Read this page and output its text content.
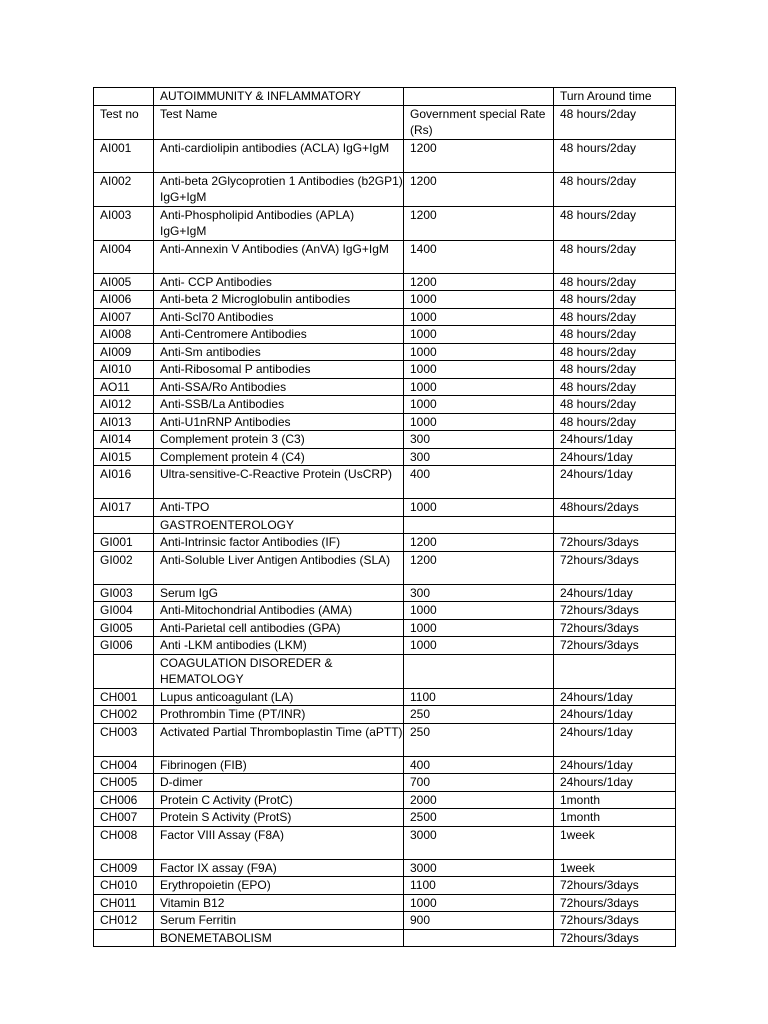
	AUTOIMMUNITY & INFLAMMATORY		Turn Around time
Test no	Test Name	Government special Rate (Rs)	48 hours/2day
AI001	Anti-cardiolipin antibodies (ACLA) IgG+IgM	1200	48 hours/2day
AI002	Anti-beta 2Glycoprotien 1 Antibodies (b2GP1) IgG+IgM	1200	48 hours/2day
AI003	Anti-Phospholipid Antibodies (APLA) IgG+IgM	1200	48 hours/2day
AI004	Anti-Annexin V Antibodies (AnVA) IgG+IgM	1400	48 hours/2day
AI005	Anti- CCP Antibodies	1200	48 hours/2day
AI006	Anti-beta 2 Microglobulin antibodies	1000	48 hours/2day
AI007	Anti-Scl70 Antibodies	1000	48 hours/2day
AI008	Anti-Centromere Antibodies	1000	48 hours/2day
AI009	Anti-Sm antibodies	1000	48 hours/2day
AI010	Anti-Ribosomal P antibodies	1000	48 hours/2day
AO11	Anti-SSA/Ro Antibodies	1000	48 hours/2day
AI012	Anti-SSB/La Antibodies	1000	48 hours/2day
AI013	Anti-U1nRNP Antibodies	1000	48 hours/2day
AI014	Complement protein 3 (C3)	300	24hours/1day
AI015	Complement protein 4 (C4)	300	24hours/1day
AI016	Ultra-sensitive-C-Reactive Protein (UsCRP)	400	24hours/1day
AI017	Anti-TPO	1000	48hours/2days
	GASTROENTEROLOGY		
GI001	Anti-Intrinsic factor Antibodies (IF)	1200	72hours/3days
GI002	Anti-Soluble Liver Antigen Antibodies (SLA)	1200	72hours/3days
GI003	Serum IgG	300	24hours/1day
GI004	Anti-Mitochondrial Antibodies (AMA)	1000	72hours/3days
GI005	Anti-Parietal cell antibodies (GPA)	1000	72hours/3days
GI006	Anti -LKM antibodies (LKM)	1000	72hours/3days
	COAGULATION DISOREDER & HEMATOLOGY		
CH001	Lupus anticoagulant (LA)	1100	24hours/1day
CH002	Prothrombin Time (PT/INR)	250	24hours/1day
CH003	Activated Partial Thromboplastin Time (aPTT)	250	24hours/1day
CH004	Fibrinogen (FIB)	400	24hours/1day
CH005	D-dimer	700	24hours/1day
CH006	Protein C Activity (ProtC)	2000	1month
CH007	Protein S Activity (ProtS)	2500	1month
CH008	Factor VIII Assay (F8A)	3000	1week
CH009	Factor IX assay (F9A)	3000	1week
CH010	Erythropoietin (EPO)	1100	72hours/3days
CH011	Vitamin B12	1000	72hours/3days
CH012	Serum Ferritin	900	72hours/3days
	BONEMETABOLISM		72hours/3days
